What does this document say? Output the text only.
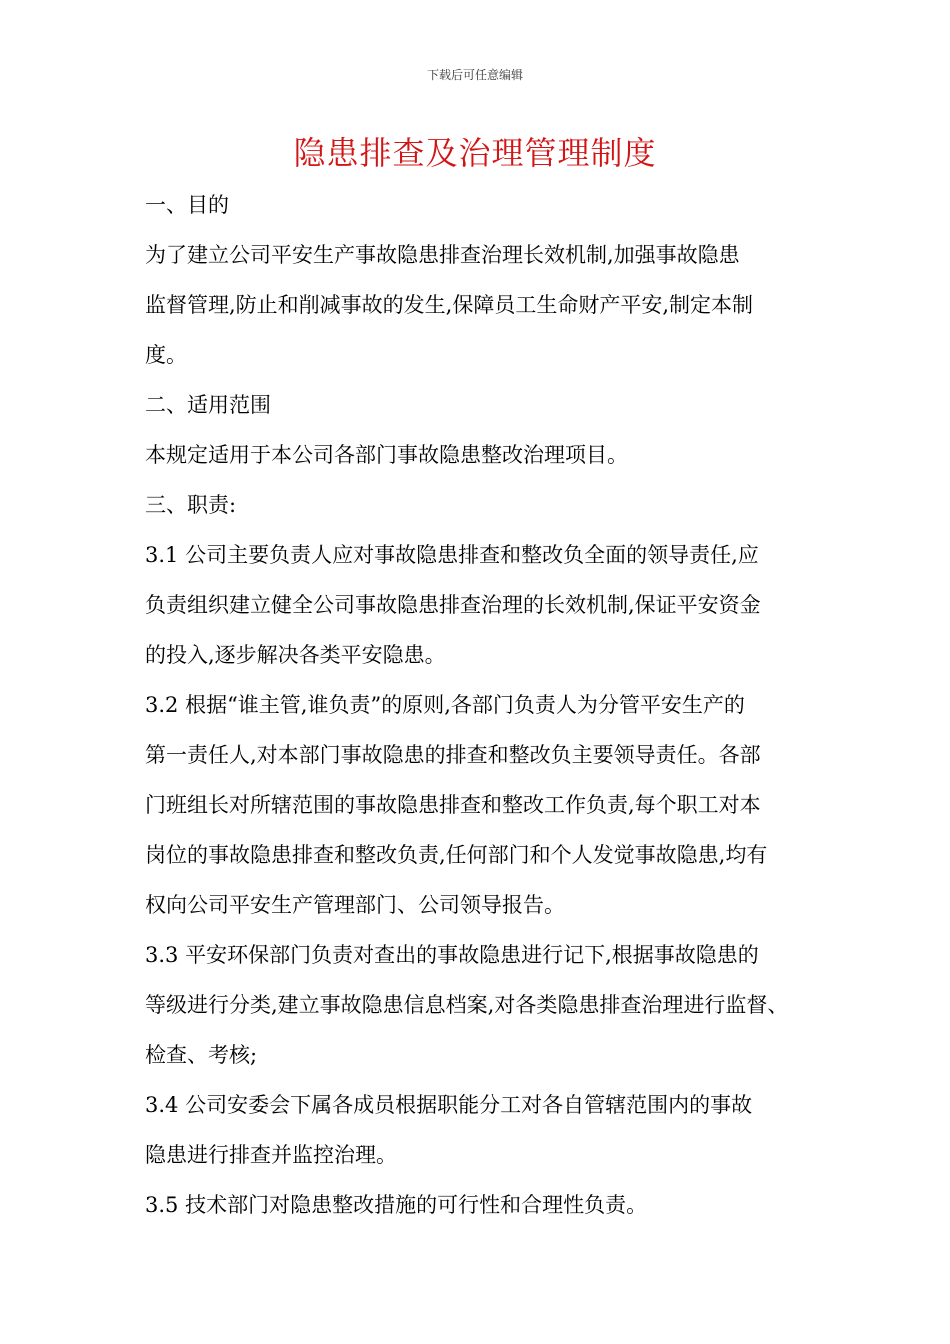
下载后可任意编辑
隐患排查及治理管理制度

一、目的

为了建立公司平安生产事故隐患排查治理长效机制,加强事故隐患

监督管理,防止和削减事故的发生,保障员工生命财产平安,制定本制

度。

二、适用范围

本规定适用于本公司各部门事故隐患整改治理项目。

三、职责:

3.1 公司主要负责人应对事故隐患排查和整改负全面的领导责任,应

负责组织建立健全公司事故隐患排查治理的长效机制,保证平安资金

的投入,逐步解决各类平安隐患。

3.2 根据“谁主管,谁负责”的原则,各部门负责人为分管平安生产的

第一责任人,对本部门事故隐患的排查和整改负主要领导责任。各部

门班组长对所辖范围的事故隐患排查和整改工作负责,每个职工对本

岗位的事故隐患排查和整改负责,任何部门和个人发觉事故隐患,均有

权向公司平安生产管理部门、公司领导报告。

3.3 平安环保部门负责对查出的事故隐患进行记下,根据事故隐患的

等级进行分类,建立事故隐患信息档案,对各类隐患排查治理进行监督、

检查、考核;

3.4 公司安委会下属各成员根据职能分工对各自管辖范围内的事故

隐患进行排查并监控治理。

3.5 技术部门对隐患整改措施的可行性和合理性负责。
